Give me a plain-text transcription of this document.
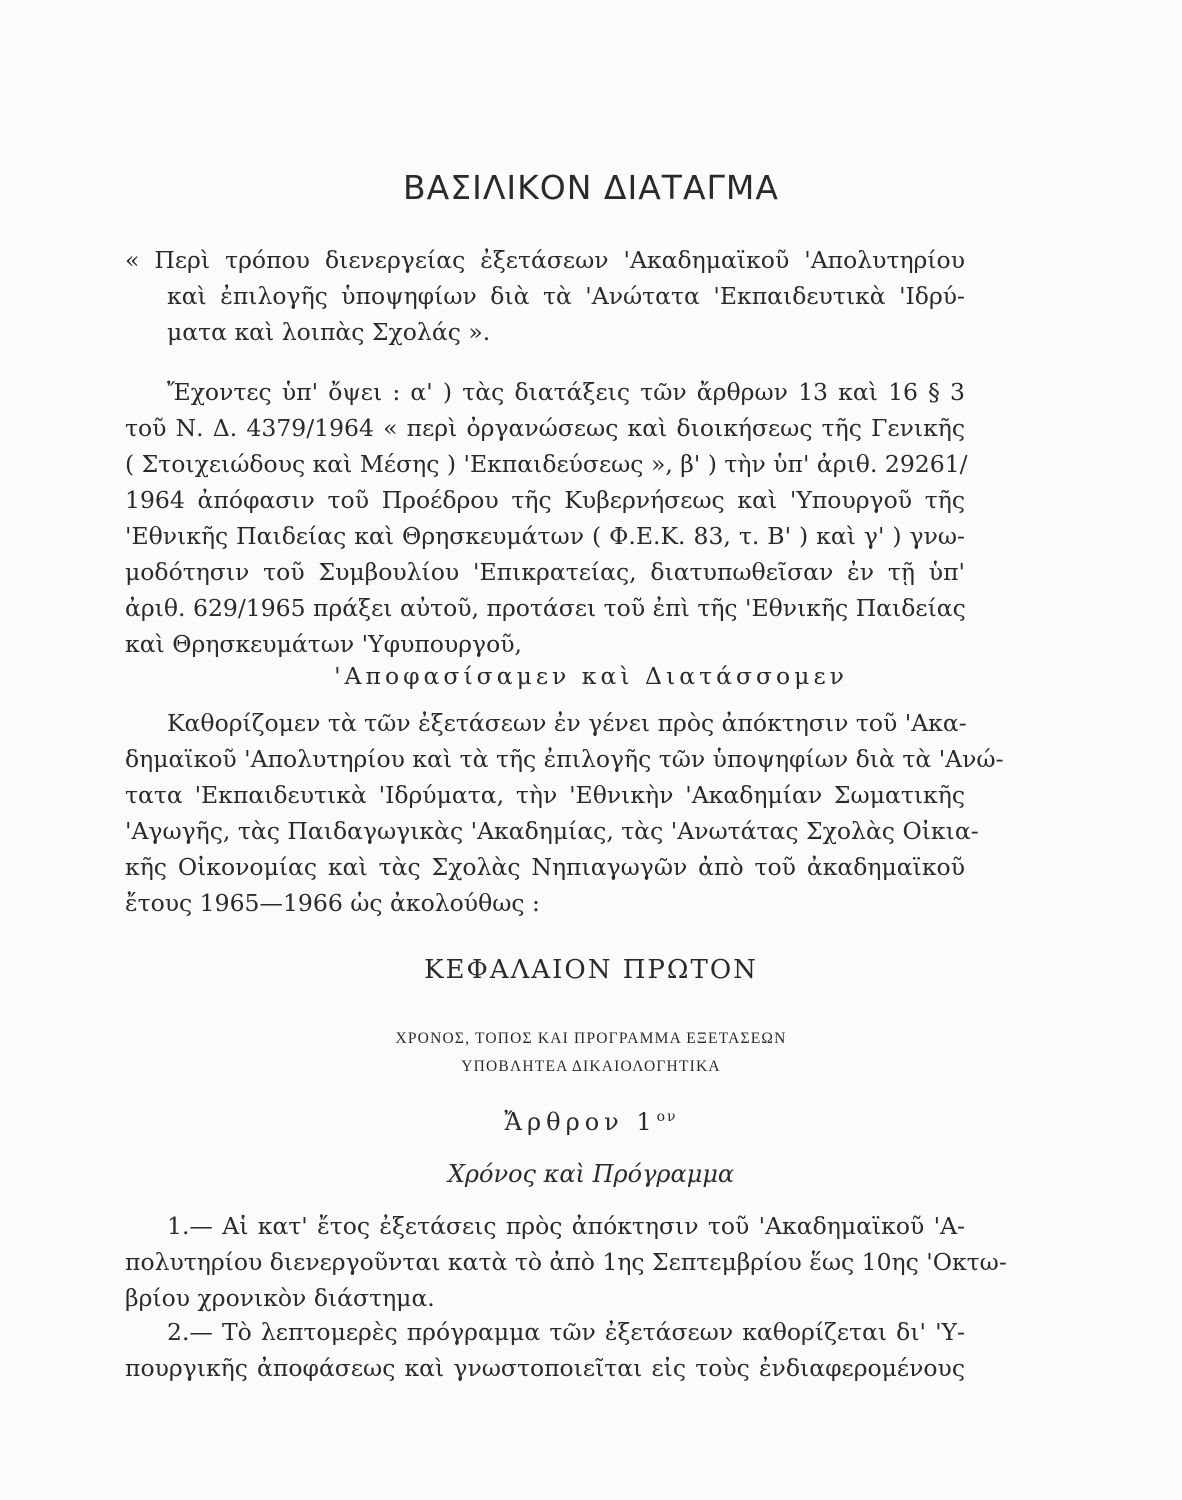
ΒΑΣΙΛΙΚΟΝ ΔΙΑΤΑΓΜΑ
« Περὶ τρόπου διενεργείας ἐξετάσεων 'Ακαδημαϊκοῦ 'Απολυτηρίου
καὶ ἐπιλογῆς ὑποψηφίων διὰ τὰ 'Ανώτατα 'Εκπαιδευτικὰ 'Ιδρύ-
ματα καὶ λοιπὰς Σχολάς ».
Ἔχοντες ὑπ' ὄψει : α' ) τὰς διατάξεις τῶν ἄρθρων 13 καὶ 16 § 3
τοῦ Ν. Δ. 4379/1964 « περὶ ὀργανώσεως καὶ διοικήσεως τῆς Γενικῆς
( Στοιχειώδους καὶ Μέσης ) 'Εκπαιδεύσεως », β' ) τὴν ὑπ' ἀριθ. 29261/
1964 ἀπόφασιν τοῦ Προέδρου τῆς Κυβερνήσεως καὶ 'Υπουργοῦ τῆς
'Εθνικῆς Παιδείας καὶ Θρησκευμάτων ( Φ.Ε.Κ. 83, τ. Β' ) καὶ γ' ) γνω-
μοδότησιν τοῦ Συμβουλίου 'Επικρατείας, διατυπωθεῖσαν ἐν τῇ ὑπ'
ἀριθ. 629/1965 πράξει αὐτοῦ, προτάσει τοῦ ἐπὶ τῆς 'Εθνικῆς Παιδείας
καὶ Θρησκευμάτων 'Υφυπουργοῦ,
'Αποφασίσαμεν καὶ Διατάσσομεν
Καθορίζομεν τὰ τῶν ἐξετάσεων ἐν γένει πρὸς ἀπόκτησιν τοῦ 'Ακα-
δημαϊκοῦ 'Απολυτηρίου καὶ τὰ τῆς ἐπιλογῆς τῶν ὑποψηφίων διὰ τὰ 'Ανώ-
τατα 'Εκπαιδευτικὰ 'Ιδρύματα, τὴν 'Εθνικὴν 'Ακαδημίαν Σωματικῆς
'Αγωγῆς, τὰς Παιδαγωγικὰς 'Ακαδημίας, τὰς 'Ανωτάτας Σχολὰς Οἰκια-
κῆς Οἰκονομίας καὶ τὰς Σχολὰς Νηπιαγωγῶν ἀπὸ τοῦ ἀκαδημαϊκοῦ
ἔτους 1965—1966 ὡς ἀκολούθως :
ΚΕΦΑΛΑΙΟΝ ΠΡΩΤΟΝ
ΧΡΟΝΟΣ, ΤΟΠΟΣ ΚΑΙ ΠΡΟΓΡΑΜΜΑ ΕΞΕΤΑΣΕΩΝ
ΥΠΟΒΛΗΤΕΑ ΔΙΚΑΙΟΛΟΓΗΤΙΚΑ
Ἄρθρον $1^{o\nu}$
Χρόνος καὶ Πρόγραμμα
1.— Αἱ κατ' ἔτος ἐξετάσεις πρὸς ἀπόκτησιν τοῦ 'Ακαδημαϊκοῦ 'Α-
πολυτηρίου διενεργοῦνται κατὰ τὸ ἀπὸ 1ης Σεπτεμβρίου ἕως 10ης 'Οκτω-
βρίου χρονικὸν διάστημα.
2.— Τὸ λεπτομερὲς πρόγραμμα τῶν ἐξετάσεων καθορίζεται δι' 'Υ-
πουργικῆς ἀποφάσεως καὶ γνωστοποιεῖται εἰς τοὺς ἐνδιαφερομένους
